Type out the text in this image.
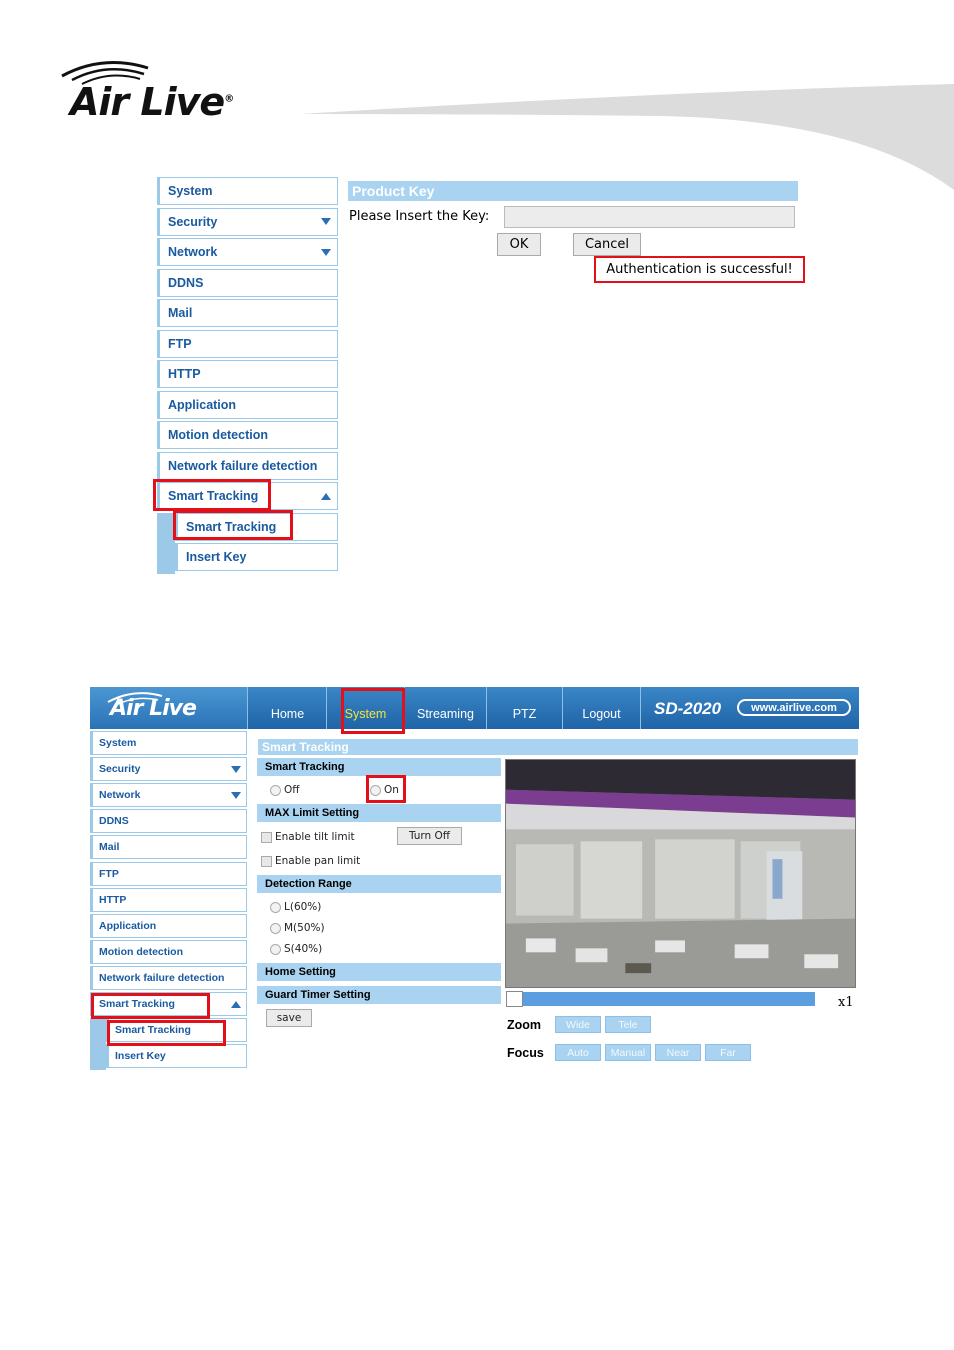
Air Live®
System
Security
Network
DDNS
Mail
FTP
HTTP
Application
Motion detection
Network failure detection
Smart Tracking
Smart Tracking
Insert Key
Product Key
Please Insert the Key:
OK	Cancel
Authentication is successful!
Air Live	Home	System	Streaming	PTZ	Logout	SD-2020	www.airlive.com
System
Security
Network
DDNS
Mail
FTP
HTTP
Application
Motion detection
Network failure detection
Smart Tracking
Smart Tracking
Insert Key
Smart Tracking
Smart Tracking
Off	On
MAX Limit Setting
Enable tilt limit	Turn Off
Enable pan limit
Detection Range
L(60%)
M(50%)
S(40%)
Home Setting
Guard Timer Setting
save
x1
Zoom	Wide	Tele
Focus	Auto	Manual	Near	Far
